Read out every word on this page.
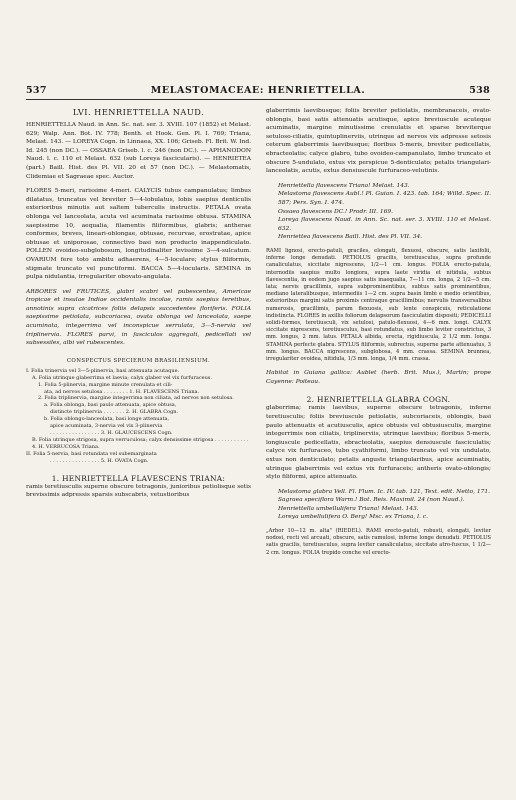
537	MELASTOMACEAE: HENRIETTELLA.	538

LVI. HENRIETTELLA NAUD.

HENRIETTELLA Naud. in Ann. Sc. nat. ser. 3. XVIII. 107 (1852) et Melast. 629; Walp. Ann. Bot. IV. 778; Benth. et Hook. Gen. Pl. I. 769; Triana, Melast. 143. — LOREYA Cogn. in Linnaea, XX. 106; Griseb. Fl. Brit. W. Ind. Id. 245 (non DC.). — OSSAEA Griseb. l. c. 246 (non DC.). — APHANODON Naud. l. c. 110 et Melast. 632 (sub Loreya fascicularis). — HENRIETEA (part.) Baill. Hist. des Pl. VII. 20 et 57 (non DC.). — Melastomatis, Clidemiae et Sagraeae spec. Auctor.

FLORES 5-meri, rarissime 4-meri. CALYCIS tubus campanulatus; limbus dilatatus, truncatus vel breviter 5—4-lobulatus, lobis saepius denticulis exterioribus minutis aut saltem tuberculis instructis. PETALA ovata oblonga vel lanceolata, acuta vel acuminata rarissime obtusa. STAMINA saepissime 10, aequalia, filamentis filiformibus, glabris; antherae conformes, breves, lineari-oblongae, obtusae, recurvae, erostratae, apice obtusae et uniporosae, connectivo basi non producto inappendiculato. POLLEN ovoideo-subglobosum, longitudinaliter levissime 3—4-sulcatum. OVARIUM fere toto ambitu adhaerens, 4—5-loculare; stylus filiformis, stigmate truncato vel punctiformi. BACCA 5—4-locularis. SEMINA in pulpa nidulantia, irregulariter obovato-angulata.

ARBORES vel FRUTICES, glabri scabri vel pubescentes, Americae tropicae et insulae Indiae occidentalis incolae, ramis saepius teretibus, annotinis supra cicatrices foliis delapsis succedentes floriferis. FOLIA saepissime petiolata, subcoriacea, ovata oblonga vel lanceolata, saepe acuminata, integerrima vel inconspicue serrulata, 3—5-nervia vel triplinervia. FLORES parvi, in fasciculos aggregati, pedicellati vel subsessiles, albi vel rubescentes.

CONSPECTUS SPECIERUM BRASILIENSIUM.

I. Folia trinervia vel 3—5-plinervia, basi attenuata acutaque.

A. Folia utrinque glaberrima et laevia; calyx glaber vel vix furfuraceus.

1. Folia 5-plinervia, margine minute crenulata et cili-

ata, ad nervos setulosa . . . . . . . . 1. H. FLAVESCENS Triana.

2. Folia triplinervia, margine integerrima non ciliata, ad nervos non setulosa.

a. Folia oblonga, basi paulo attenuata, apice obtusa,

distincte triplinervia . . . . . . . 2. H. GLABRA Cogn.

b. Folia oblongo-lanceolata, basi longe attenuata,

apice acuminata, 3-nervia vel vix 3-plinervia

. . . . . . . . . . . . . . . . 3. H. GLAUCESCENS Cogn.

B. Folia utrinque strigosa, supra verruculosa; calyx densissime strigosa . . . . . . . . . . . 4. H. VERRUCOSA Triana.

II. Folia 5-nervia, basi rotundata vel subemarginata

. . . . . . . . . . . . . . . . 5. H. OVATA Cogn.

1. HENRIETTELLA FLAVESCENS TRIANA:

ramis teretiusculis superne obscure tetragonis, junioribus petiolisque setis brevissimis adpressis sparsis subscabris, vetustioribus

glaberrimis laevibusque; foliis breviter petiolatis, membranaceis, ovato-oblongis, basi satis attenuatis acutisque, apice breviuscule acuteque acuminatis, margine minutissime crenulatis et sparse breviterque setuloso-ciliatis, quintuplinerviis, utrinque ad nervos vix adpresse setosis ceterum glaberrimis laevibusque; floribus 5-meris, breviter pedicellatis, ebracteolatis; calyce glabro, tubo ovoideo-campanulato, limbo truncato et obscure 5-undulato, extus vix perspicue 5-denticulato; petalis triangulari-lanceolatis, acutis, extus densiuscule furfuraceo-velutinis.

Henriettella flavescens Triana! Melast. 143.

Melastoma flavescens Aubl.! Pl. Guian. I. 423. tab. 164; Willd. Spec. II. 587; Pers. Syn. I. 474.

Ossaea flavescens DC.! Prodr. III. 169.

Loreya flavescens Naud. in Ann. Sc. nat. ser. 3. XVIII. 110 et Melast. 632.

Henriettea flavescens Baill. Hist. des Pl. VII. 34.

RAMI lignosi, erecto-patuli, graciles, elongati, flexuosi, obscure, satis laxifolii, inferne longe denudati. PETIOLUS gracilis, teretiusculus, supra profunde canaliculatus, siccitate nigrescens, 1/2—1 cm. longus. FOLIA erecto-patula, internodiis saepius multo longiora, supra laete viridia et nitidula, subtus flavescentia, in eodem jugo saepius satis inaequalia, 7—11 cm. longa, 2 1/2—5 cm. lata; nervis gracillimis, supra subprominentibus, subtus satis prominentibus, mediano lateralibusque, intermediis 1—2 cm. supra basin limbi e medio orientibus, exterioribus margini satis proximis centraque gracillimibus; nervulis transversalibus numerosis, gracillimis, parum flexuosis, sub lente conspicuis, reticulatione indistincta. FLORES in axillis foliorum delapsorum fasciculatim dispositi; PEDICELLI solidi-formes, teretiusculi, vix setulosi, patulo-flexuosi, 4—6 mm. longi. CALYX siccitate nigrescens, teretiusculus, basi rotundatus, sub limbo leviter constrictus, 3 mm. longus, 2 mm. latus. PETALA albida, erecta, rigidiuscula, 2 1/2 mm. longa. STAMINA perfecte glabra. STYLUS filiformis, subrectus, superne parte attenuatus, 3 mm. longus. BACCA nigrescens, subglobosa, 4 mm. crassa. SEMINA brunnea, irregulariter ovoidea, nitidula, 1/3 mm. longa, 1/4 mm. crassa.

Habitat in Guiana gallica: Aublet (herb. Brit. Mus.), Martin; prope Cayenne: Poiteau.

2. HENRIETTELLA GLABRA COGN.

glaberrima; ramis laevibus, superne obscure tetragonis, inferne teretiusculis; foliis breviuscule petiolatis, subcoriaceis, oblongis, basi paulo attenuatis et acutiusculis, apice obtusis vel obtusiusculis, margine integerrimis non ciliatis, triplinerviis, utrinque laevibus; floribus 5-meris, longiuscule pedicellatis, ebracteolatis, saepius densiuscule fasciculatis; calyce vix furfuraceo, tubo cyathiformi, limbo truncato vel vix undulato, extus non denticulato; petalis anguste triangularibus, apice acuminatis, utrinque glaberrimis vel extus vix furfuraceis; antheris ovato-oblongis; stylo filiformi, apice attenuato.

Melastoma glabra Vell. Fl. Flum. Ic. IV. tab. 121, Text. edit. Netto, 171.

Sagraea speciflora Warm.! Bot. Reis. Maximil. 24 (non Naud.).

Henriettella umbellulifera Triana! Melast. 143.

Loreya umbellulifera O. Berg! Msc. ex Triana, l. c.

„Arbor 10—12 m. alta" (RIEDEL). RAMI erecto-patuli, robusti, elongati, leviter nodosi, recti vel arcuati, obscure, satis ramulosi, inferne longe denudati. PETIOLUS satis gracilis, teretiusculus, supra leviter canaliculatus, siccitate atro-fuscus, 1 1/2—2 cm. longus. FOLIA trepido conche vel erecto-
